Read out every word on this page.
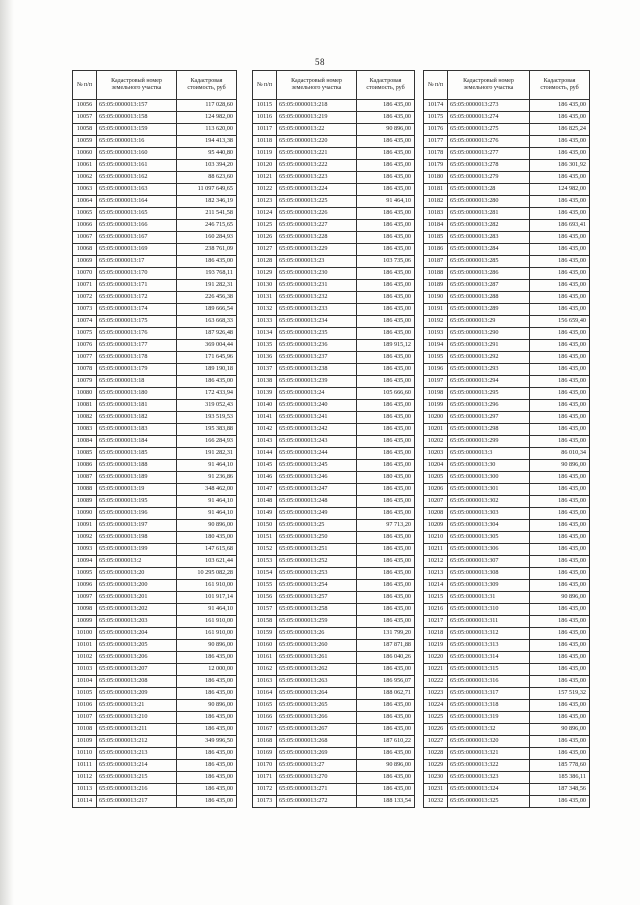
58
№ п/п	Кадастровый номер земельного участка	Кадастровая стоимость, руб
10056	65:05:0000013:157	117 028,60
10057	65:05:0000013:158	124 982,00
10058	65:05:0000013:159	113 620,00
10059	65:05:0000013:16	194 413,38
10060	65:05:0000013:160	95 440,80
10061	65:05:0000013:161	103 394,20
10062	65:05:0000013:162	88 623,60
10063	65:05:0000013:163	11 097 649,65
10064	65:05:0000013:164	182 346,19
10065	65:05:0000013:165	211 541,58
10066	65:05:0000013:166	246 715,65
10067	65:05:0000013:167	160 284,93
10068	65:05:0000013:169	238 761,09
10069	65:05:0000013:17	186 435,00
10070	65:05:0000013:170	193 768,11
10071	65:05:0000013:171	191 282,31
10072	65:05:0000013:172	226 456,38
10073	65:05:0000013:174	189 666,54
10074	65:05:0000013:175	163 668,33
10075	65:05:0000013:176	187 926,48
10076	65:05:0000013:177	369 004,44
10077	65:05:0000013:178	171 645,96
10078	65:05:0000013:179	189 190,18
10079	65:05:0000013:18	186 435,00
10080	65:05:0000013:180	172 433,94
10081	65:05:0000013:181	319 052,43
10082	65:05:0000013:182	193 519,53
10083	65:05:0000013:183	195 383,88
10084	65:05:0000013:184	166 284,93
10085	65:05:0000013:185	191 282,31
10086	65:05:0000013:188	91 464,10
10087	65:05:0000013:189	91 236,86
10088	65:05:0000013:19	348 462,00
10089	65:05:0000013:195	91 464,10
10090	65:05:0000013:196	91 464,10
10091	65:05:0000013:197	90 896,00
10092	65:05:0000013:198	180 435,00
10093	65:05:0000013:199	147 615,68
10094	65:05:0000013:2	103 621,44
10095	65:05:0000013:20	10 295 082,28
10096	65:05:0000013:200	161 910,00
10097	65:05:0000013:201	101 917,14
10098	65:05:0000013:202	91 464,10
10099	65:05:0000013:203	161 910,00
10100	65:05:0000013:204	161 910,00
10101	65:05:0000013:205	90 896,00
10102	65:05:0000013:206	186 435,00
10103	65:05:0000013:207	12 000,00
10104	65:05:0000013:208	186 435,00
10105	65:05:0000013:209	186 435,00
10106	65:05:0000013:21	90 896,00
10107	65:05:0000013:210	186 435,00
10108	65:05:0000013:211	186 435,00
10109	65:05:0000013:212	349 996,50
10110	65:05:0000013:213	186 435,00
10111	65:05:0000013:214	186 435,00
10112	65:05:0000013:215	186 435,00
10113	65:05:0000013:216	186 435,00
10114	65:05:0000013:217	186 435,00
№ п/п	Кадастровый номер земельного участка	Кадастровая стоимость, руб
10115	65:05:0000013:218	186 435,00
10116	65:05:0000013:219	186 435,00
10117	65:05:0000013:22	90 896,00
10118	65:05:0000013:220	186 435,00
10119	65:05:0000013:221	186 435,00
10120	65:05:0000013:222	186 435,00
10121	65:05:0000013:223	186 435,00
10122	65:05:0000013:224	186 435,00
10123	65:05:0000013:225	91 464,10
10124	65:05:0000013:226	186 435,00
10125	65:05:0000013:227	186 435,00
10126	65:05:0000013:228	186 435,00
10127	65:05:0000013:229	186 435,00
10128	65:05:0000013:23	103 735,06
10129	65:05:0000013:230	186 435,00
10130	65:05:0000013:231	186 435,00
10131	65:05:0000013:232	186 435,00
10132	65:05:0000013:233	186 435,00
10133	65:05:0000013:234	186 435,00
10134	65:05:0000013:235	186 435,00
10135	65:05:0000013:236	189 915,12
10136	65:05:0000013:237	186 435,00
10137	65:05:0000013:238	186 435,00
10138	65:05:0000013:239	186 435,00
10139	65:05:0000013:24	105 666,60
10140	65:05:0000013:240	186 435,00
10141	65:05:0000013:241	186 435,00
10142	65:05:0000013:242	186 435,00
10143	65:05:0000013:243	186 435,00
10144	65:05:0000013:244	186 435,00
10145	65:05:0000013:245	186 435,00
10146	65:05:0000013:246	180 435,00
10147	65:05:0000013:247	186 435,00
10148	65:05:0000013:248	186 435,00
10149	65:05:0000013:249	186 435,00
10150	65:05:0000013:25	97 713,20
10151	65:05:0000013:250	186 435,00
10152	65:05:0000013:251	186 435,00
10153	65:05:0000013:252	186 435,00
10154	65:05:0000013:253	186 435,00
10155	65:05:0000013:254	186 435,00
10156	65:05:0000013:257	186 435,00
10157	65:05:0000013:258	186 435,00
10158	65:05:0000013:259	186 435,00
10159	65:05:0000013:26	131 799,20
10160	65:05:0000013:260	187 871,88
10161	65:05:0000013:261	186 040,26
10162	65:05:0000013:262	186 435,00
10163	65:05:0000013:263	186 956,07
10164	65:05:0000013:264	188 062,71
10165	65:05:0000013:265	186 435,00
10166	65:05:0000013:266	186 435,00
10167	65:05:0000013:267	186 435,00
10168	65:05:0000013:268	187 610,22
10169	65:05:0000013:269	186 435,00
10170	65:05:0000013:27	90 896,00
10171	65:05:0000013:270	186 435,00
10172	65:05:0000013:271	186 435,00
10173	65:05:0000013:272	188 133,54
№ п/п	Кадастровый номер земельного участка	Кадастровая стоимость, руб
10174	65:05:0000013:273	186 435,00
10175	65:05:0000013:274	186 435,00
10176	65:05:0000013:275	186 825,24
10177	65:05:0000013:276	186 435,00
10178	65:05:0000013:277	186 435,00
10179	65:05:0000013:278	186 301,92
10180	65:05:0000013:279	186 435,00
10181	65:05:0000013:28	124 982,00
10182	65:05:0000013:280	186 435,00
10183	65:05:0000013:281	186 435,00
10184	65:05:0000013:282	186 693,41
10185	65:05:0000013:283	186 435,00
10186	65:05:0000013:284	186 435,00
10187	65:05:0000013:285	186 435,00
10188	65:05:0000013:286	186 435,00
10189	65:05:0000013:287	186 435,00
10190	65:05:0000013:288	186 435,00
10191	65:05:0000013:289	186 435,00
10192	65:05:0000013:29	156 659,40
10193	65:05:0000013:290	186 435,00
10194	65:05:0000013:291	186 435,00
10195	65:05:0000013:292	186 435,00
10196	65:05:0000013:293	186 435,00
10197	65:05:0000013:294	186 435,00
10198	65:05:0000013:295	186 435,00
10199	65:05:0000013:296	186 435,00
10200	65:05:0000013:297	186 435,00
10201	65:05:0000013:298	186 435,00
10202	65:05:0000013:299	186 435,00
10203	65:05:0000013:3	86 010,34
10204	65:05:0000013:30	90 896,00
10205	65:05:0000013:300	186 435,00
10206	65:05:0000013:301	186 435,00
10207	65:05:0000013:302	186 435,00
10208	65:05:0000013:303	186 435,00
10209	65:05:0000013:304	186 435,00
10210	65:05:0000013:305	186 435,00
10211	65:05:0000013:306	186 435,00
10212	65:05:0000013:307	186 435,00
10213	65:05:0000013:308	186 435,00
10214	65:05:0000013:309	186 435,00
10215	65:05:0000013:31	90 896,00
10216	65:05:0000013:310	186 435,00
10217	65:05:0000013:311	186 435,00
10218	65:05:0000013:312	186 435,00
10219	65:05:0000013:313	186 435,00
10220	65:05:0000013:314	186 435,00
10221	65:05:0000013:315	186 435,00
10222	65:05:0000013:316	186 435,00
10223	65:05:0000013:317	157 519,32
10224	65:05:0000013:318	186 435,00
10225	65:05:0000013:319	186 435,00
10226	65:05:0000013:32	90 896,00
10227	65:05:0000013:320	186 435,00
10228	65:05:0000013:321	186 435,00
10229	65:05:0000013:322	185 778,60
10230	65:05:0000013:323	185 386,11
10231	65:05:0000013:324	187 348,56
10232	65:05:0000013:325	186 435,00
